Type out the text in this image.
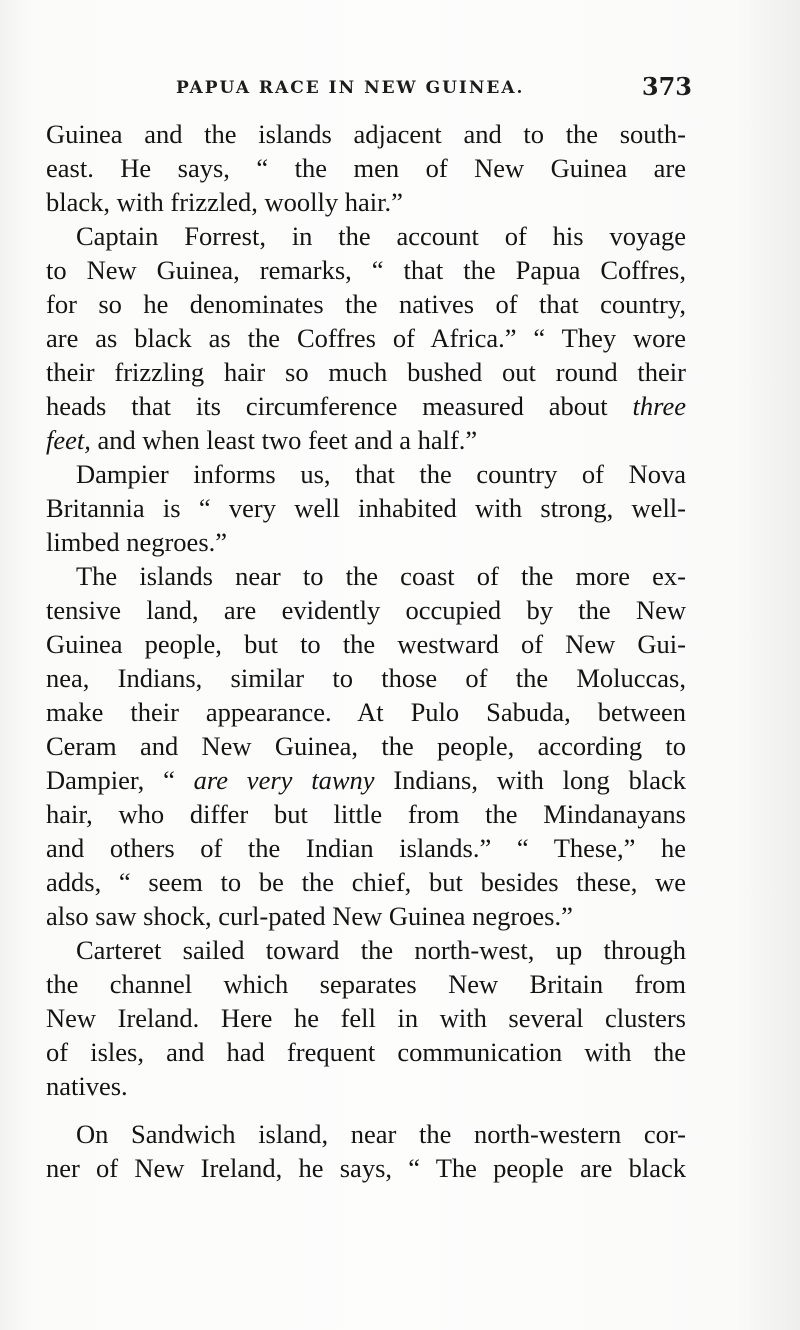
PAPUA RACE IN NEW GUINEA.	373
Guinea and the islands adjacent and to the south-
east. He says, “ the men of New Guinea are
black, with frizzled, woolly hair.”
Captain Forrest, in the account of his voyage
to New Guinea, remarks, “ that the Papua Coffres,
for so he denominates the natives of that country,
are as black as the Coffres of Africa.” “ They wore
their frizzling hair so much bushed out round their
heads that its circumference measured about three
feet, and when least two feet and a half.”
Dampier informs us, that the country of Nova
Britannia is “ very well inhabited with strong, well-
limbed negroes.”
The islands near to the coast of the more ex-
tensive land, are evidently occupied by the New
Guinea people, but to the westward of New Gui-
nea, Indians, similar to those of the Moluccas,
make their appearance. At Pulo Sabuda, between
Ceram and New Guinea, the people, according to
Dampier, “ are very tawny Indians, with long black
hair, who differ but little from the Mindanayans
and others of the Indian islands.” “ These,” he
adds, “ seem to be the chief, but besides these, we
also saw shock, curl-pated New Guinea negroes.”
Carteret sailed toward the north-west, up through
the channel which separates New Britain from
New Ireland. Here he fell in with several clusters
of isles, and had frequent communication with the
natives.
On Sandwich island, near the north-western cor-
ner of New Ireland, he says, “ The people are black
